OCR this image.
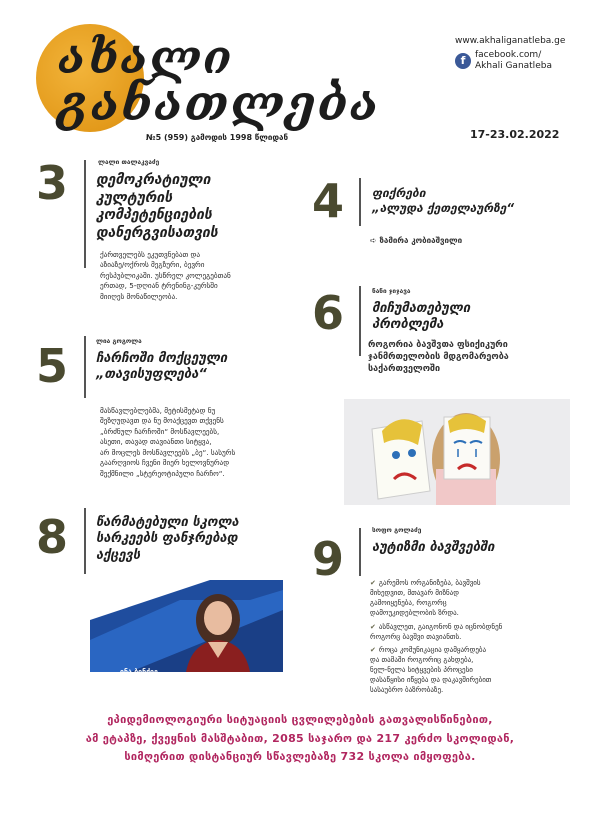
ახალი
განათლება
www.akhaliganatleba.ge
f	facebook.com/
Akhali Ganatleba
№5 (959) გამოდის 1998 წლიდან	17-23.02.2022
3	ლალი თალაკვაძე
დემოკრატიული
კულტურის
კომპეტენციების
დანერგვისათვის
ქართველებს ეკუთვნებათ და
აზიაზე/ოქროს მეგზური, ბევრი
რესპუბლიკაში. უსწრელ კოლეგებთან
ერთად, 5-დღიან ტრენინგ-კურსში
მიიღეს მონაწილეობა.
4 ფიქრები
„ალუდა ქეთელაურზე“
➪ ზამირა კობიაშვილი
6	ნანი ჯიჯავა
მიჩუმათებული
პრობლემა
როგორია ბავშვთა ფსიქიკური
ჯანმრთელობის მდგომარეობა
საქართველოში
5	ლია გოგოლა
ჩარჩოში მოქცეული
„თავისუფლება“
მასწავლებლებმა, მეტისმეტად ნუ
შეზღუდავთ და ნუ მოაქცევთ თქვენს
„ბრძნულ ჩარჩოში“ მოსწავლეებს,
ასეთი, თავად თავიანთი სიტყვა,
არ მოცლეს მოსწავლეებს „ბე“. სასურს
გაარღვიოს ჩვენი მიერ ხელოვნურად
შექმნილი „სტერეოტიპული ჩარჩო“.
8 წარმატებული სკოლა
სარკეებს ფანჯრებად
აქცევს
ინა ბინქიე
9
სოფო გოლაძე
აუტიზმი ბავშვებში
✔ გარემოს ორგანიზება, ბავშვის
მიხედვით, მთავარ მიზნად
გამოიყენება, როგორც
დამოუკიდებლობის ზრდა.
✔ ასწავლეთ, გაიგონონ და იცნობდნენ
როგორც ბავშვი თავიანთს.
✔ როცა კომუნიკაცია დამყარდება
და თამაში როგორიც გახდება,
ნელ-ნელა სიტყვების პროცესი
დასაწყისი იწყება და დაკავშირებით
სასაუბრო ბაზრობაზე.
ეპიდემიოლოგიური სიტუაციის ცვლილებების გათვალისწინებით,
ამ ეტაპზე, ქვეყნის მასშტაბით, 2085 საჯარო და 217 კერძო სკოლიდან,
სიმღერით დისტანციურ სწავლებაზე 732 სკოლა იმყოფება.
